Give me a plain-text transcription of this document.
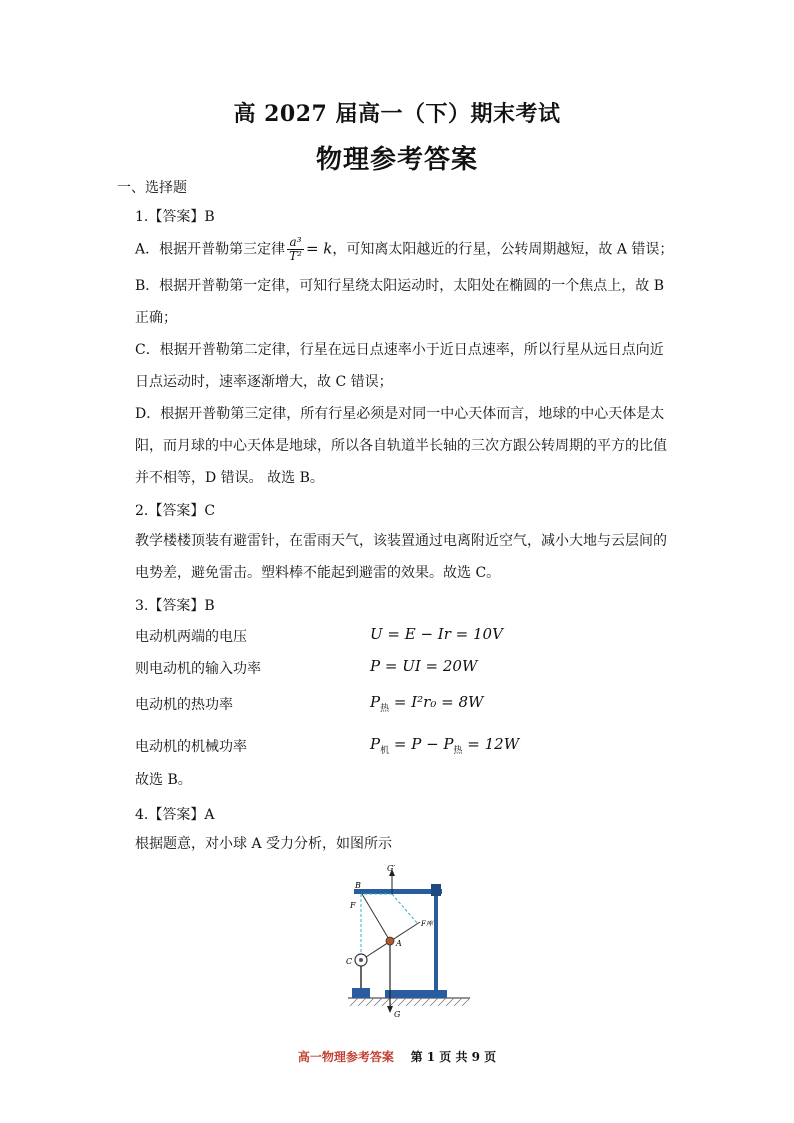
高 2027 届高一（下）期末考试
物理参考答案
一、选择题
1.【答案】B
A．根据开普勒第三定律 $\frac{\text{a³}}{\text{T²}} = k$，可知离太阳越近的行星，公转周期越短，故 A 错误；
B．根据开普勒第一定律，可知行星绕太阳运动时，太阳处在椭圆的一个焦点上，故 B
正确；
C．根据开普勒第二定律，行星在远日点速率小于近日点速率，所以行星从远日点向近
日点运动时，速率逐渐增大，故 C 错误；
D．根据开普勒第三定律，所有行星必须是对同一中心天体而言，地球的中心天体是太
阳，而月球的中心天体是地球，所以各自轨道半长轴的三次方跟公转周期的平方的比值
并不相等，D 错误。 故选 B。
2.【答案】C
教学楼楼顶装有避雷针，在雷雨天气，该装置通过电离附近空气，减小大地与云层间的
电势差，避免雷击。塑料棒不能起到避雷的效果。故选 C。
3.【答案】B
电动机两端的电压	U = E − Ir = 10V
则电动机的输入功率	P = UI = 20W
电动机的热功率	$P_热 = I^2r_0 = 8W$
电动机的机械功率	$P_机 = P - P_热 = 12W$
故选 B。
4.【答案】A
根据题意，对小球 A 受力分析，如图所示
G′
B
F
F库
A
C
G
高一物理参考答案 第 1 页 共 9 页
